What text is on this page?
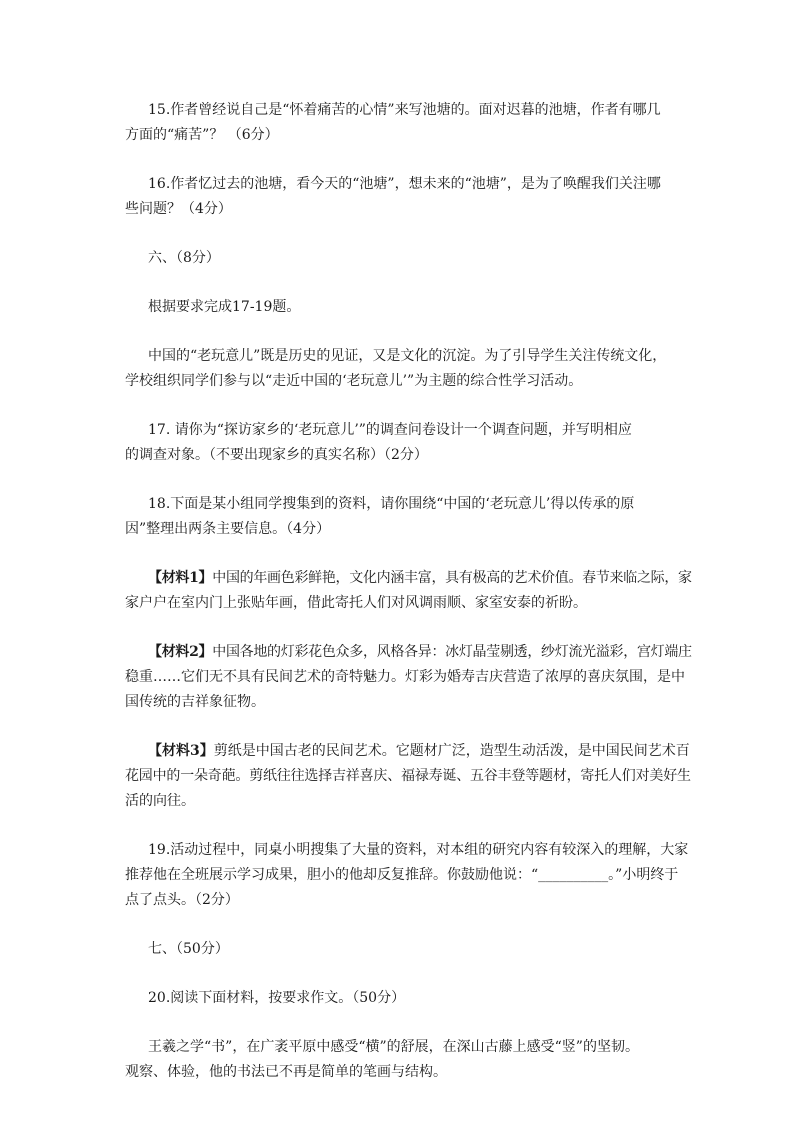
15.作者曾经说自己是“怀着痛苦的心情”来写池塘的。面对迟暮的池塘，作者有哪几
方面的“痛苦”？ （6分）

16.作者忆过去的池塘，看今天的“池塘”，想未来的“池塘”，是为了唤醒我们关注哪
些问题？（4分）

六、（8分）

根据要求完成17-19题。

中国的“老玩意儿”既是历史的见证，又是文化的沉淀。为了引导学生关注传统文化，
学校组织同学们参与以“走近中国的‘老玩意儿’”为主题的综合性学习活动。

17. 请你为“探访家乡的‘老玩意儿’”的调查问卷设计一个调查问题，并写明相应
的调查对象。（不要出现家乡的真实名称）（2分）

18.下面是某小组同学搜集到的资料，请你围绕“中国的‘老玩意儿’得以传承的原
因”整理出两条主要信息。（4分）

【材料1】中国的年画色彩鲜艳，文化内涵丰富，具有极高的艺术价值。春节来临之际，家
家户户在室内门上张贴年画，借此寄托人们对风调雨顺、家室安泰的祈盼。

【材料2】中国各地的灯彩花色众多，风格各异：冰灯晶莹剔透，纱灯流光溢彩，宫灯端庄
稳重……它们无不具有民间艺术的奇特魅力。灯彩为婚寿吉庆营造了浓厚的喜庆氛围，是中
国传统的吉祥象征物。

【材料3】剪纸是中国古老的民间艺术。它题材广泛，造型生动活泼，是中国民间艺术百
花园中的一朵奇葩。剪纸往往选择吉祥喜庆、福禄寿诞、五谷丰登等题材，寄托人们对美好生
活的向往。

19.活动过程中，同桌小明搜集了大量的资料，对本组的研究内容有较深入的理解，大家
推荐他在全班展示学习成果，胆小的他却反复推辞。你鼓励他说：“__________。”小明终于
点了点头。（2分）

七、（50分）

20.阅读下面材料，按要求作文。（50分）

王羲之学“书”，在广袤平原中感受“横”的舒展，在深山古藤上感受“竖”的坚韧。
观察、体验，他的书法已不再是简单的笔画与结构。
